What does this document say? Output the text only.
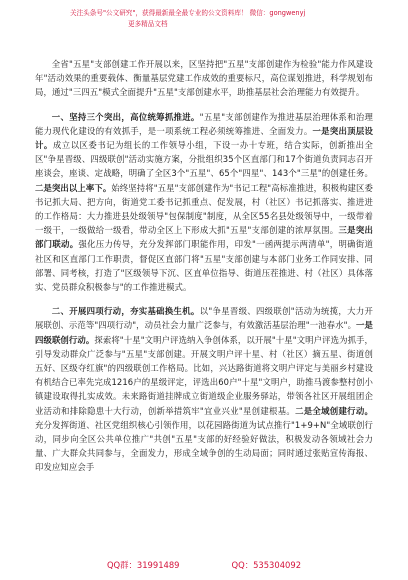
关注头条号"公文研究"，获得最新最全最专业的公文资料库！ 微信：gongwenyj
更多精品文档

全省"五星"支部创建工作开展以来，区坚持把"五星"支部创建作为检验"能力作风建设年"活动效果的重要载体、衡量基层党建工作成效的重要标尺，高位谋划推进，科学规划布局，通过"三四五"模式全面提升"五星"支部创建水平，助推基层社会治理能力有效提升。

一、坚持三个突出，高位统筹抓推进。"五星"支部创建作为推进基层治理体系和治理能力现代化建设的有效抓手，是一项系统工程必须统筹推进、全面发力。一是突出顶层设计。成立以区委书记为组长的工作领导小组，下设一办十专班，结合实际，创新推出全区"争星晋级、四级联创"活动实施方案，分批组织35个区直部门和17个街道负责同志召开座谈会，座谈、定战略，明确了全区3个"五星"、65个"四星"、143个"三星"的创建任务。二是突出以上率下。始终坚持将"五星"支部创建作为"书记工程"高标准推进，积极构建区委书记抓大局、把方向，街道党工委书记抓重点、促发展，村（社区）书记抓落实、推进进的工作格局：大力推进县处级领导"包保制度"制度，从全区55名县处级领导中，一级带着一级干，一级做给一级看，带动全区上下形成大抓"五星"支部创建的浓厚氛围。三是突出部门联动。强化压力传导，充分发挥部门职能作用，印发"一函两提示两清单"，明确街道社区和区直部门工作职责，督促区直部门将"五星"支部创建与本部门业务工作同安排、同部署、同考核，打造了"区级领导下沉、区直单位指导、街道压茬推进、村（社区）具体落实、党员群众积极参与"的工作推进模式。

二、开展四项行动，夯实基础换生机。以"争星晋级、四级联创"活动为统揽，大力开展联创、示范等"四项行动"，动员社会力量广泛参与，有效激活基层治理"一池春水"。一是四级联创行动。探索将"十星"文明户评选纳入争创体系，以开展"十星"文明户评选为抓手，引导发动群众广泛参与"五星"支部创建。开展文明户评十星、村（社区）摘五星、街道创五好、区级夺红旗"的四级联创工作格局。比如，兴达路街道将文明户评定与美丽乡村建设有机结合已率先完成1216户的星级评定，评选出60户"十星"文明户，助推马渡参整村创小镇建设取得扎实成效。未来路街道挂牌成立街道级企业服务驿站，带领各社区开展组团企业活动和排除隐患十大行动，创新举措筑牢"宜业兴业"星创建根基。二是全域创建行动。充分发挥街道、社区党组织核心引领作用，以花园路街道为试点推行"1+9+N"全域联创行动，同步向全区公共单位推广"共创"五星"支部的好经验好做法，积极发动各领域社会力量、广大群众共同参与，全面发力，形成全域争创的生动局面；同时通过张贴宣传海报、印发应知应会手

QQ群：31991489	QQ：535304092
